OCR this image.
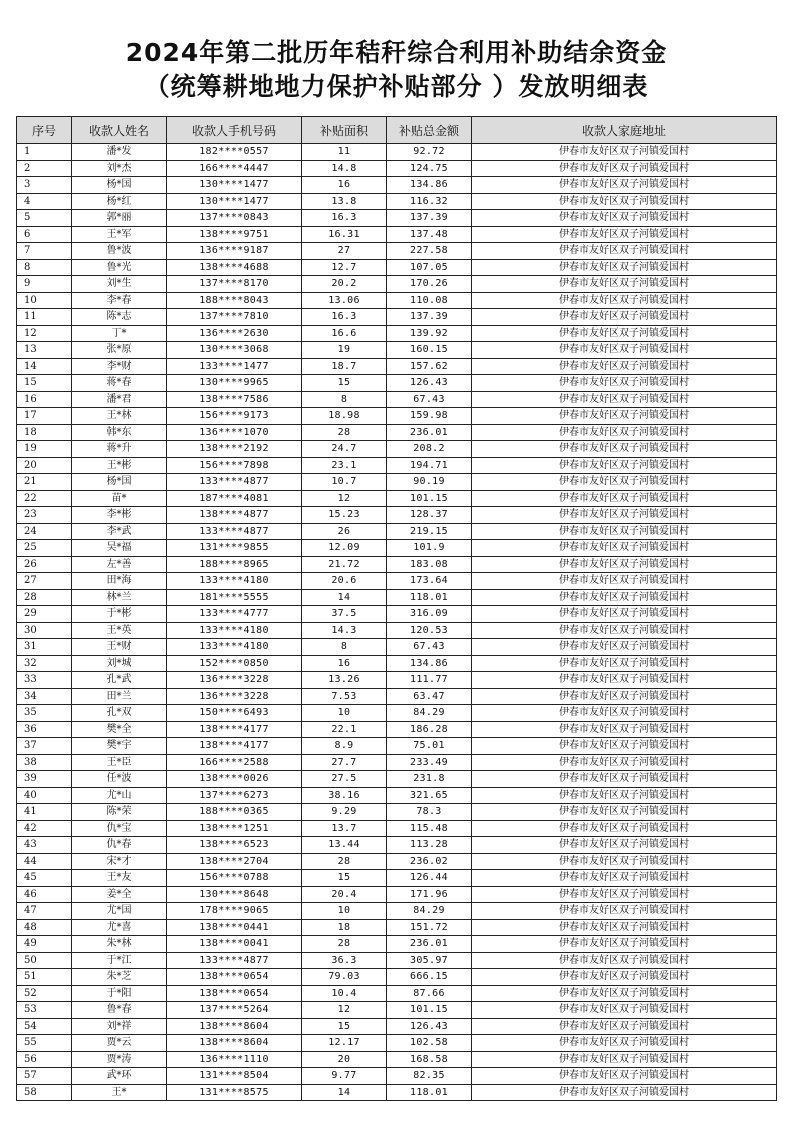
2024年第二批历年秸秆综合利用补助结余资金
（统筹耕地地力保护补贴部分 ）发放明细表
序号	收款人姓名	收款人手机号码	补贴面积	补贴总金额	收款人家庭地址
1	潘*发	182****0557	11	92.72	伊春市友好区双子河镇爱国村
2	刘*杰	166****4447	14.8	124.75	伊春市友好区双子河镇爱国村
3	杨*国	130****1477	16	134.86	伊春市友好区双子河镇爱国村
4	杨*红	130****1477	13.8	116.32	伊春市友好区双子河镇爱国村
5	郭*丽	137****0843	16.3	137.39	伊春市友好区双子河镇爱国村
6	王*军	138****9751	16.31	137.48	伊春市友好区双子河镇爱国村
7	鲁*波	136****9187	27	227.58	伊春市友好区双子河镇爱国村
8	鲁*光	138****4688	12.7	107.05	伊春市友好区双子河镇爱国村
9	刘*生	137****8170	20.2	170.26	伊春市友好区双子河镇爱国村
10	李*春	188****8043	13.06	110.08	伊春市友好区双子河镇爱国村
11	陈*志	137****7810	16.3	137.39	伊春市友好区双子河镇爱国村
12	丁*	136****2630	16.6	139.92	伊春市友好区双子河镇爱国村
13	张*原	130****3068	19	160.15	伊春市友好区双子河镇爱国村
14	李*财	133****1477	18.7	157.62	伊春市友好区双子河镇爱国村
15	蒋*春	130****9965	15	126.43	伊春市友好区双子河镇爱国村
16	潘*君	138****7586	8	67.43	伊春市友好区双子河镇爱国村
17	王*林	156****9173	18.98	159.98	伊春市友好区双子河镇爱国村
18	韩*东	136****1070	28	236.01	伊春市友好区双子河镇爱国村
19	蒋*升	138****2192	24.7	208.2	伊春市友好区双子河镇爱国村
20	王*彬	156****7898	23.1	194.71	伊春市友好区双子河镇爱国村
21	杨*国	133****4877	10.7	90.19	伊春市友好区双子河镇爱国村
22	苗*	187****4081	12	101.15	伊春市友好区双子河镇爱国村
23	李*彬	138****4877	15.23	128.37	伊春市友好区双子河镇爱国村
24	李*武	133****4877	26	219.15	伊春市友好区双子河镇爱国村
25	吴*福	131****9855	12.09	101.9	伊春市友好区双子河镇爱国村
26	左*善	188****8965	21.72	183.08	伊春市友好区双子河镇爱国村
27	田*海	133****4180	20.6	173.64	伊春市友好区双子河镇爱国村
28	林*兰	181****5555	14	118.01	伊春市友好区双子河镇爱国村
29	于*彬	133****4777	37.5	316.09	伊春市友好区双子河镇爱国村
30	王*英	133****4180	14.3	120.53	伊春市友好区双子河镇爱国村
31	王*财	133****4180	8	67.43	伊春市友好区双子河镇爱国村
32	刘*城	152****0850	16	134.86	伊春市友好区双子河镇爱国村
33	孔*武	136****3228	13.26	111.77	伊春市友好区双子河镇爱国村
34	田*兰	136****3228	7.53	63.47	伊春市友好区双子河镇爱国村
35	孔*双	150****6493	10	84.29	伊春市友好区双子河镇爱国村
36	樊*全	138****4177	22.1	186.28	伊春市友好区双子河镇爱国村
37	樊*宇	138****4177	8.9	75.01	伊春市友好区双子河镇爱国村
38	王*臣	166****2588	27.7	233.49	伊春市友好区双子河镇爱国村
39	任*波	138****0026	27.5	231.8	伊春市友好区双子河镇爱国村
40	尤*山	137****6273	38.16	321.65	伊春市友好区双子河镇爱国村
41	陈*荣	188****0365	9.29	78.3	伊春市友好区双子河镇爱国村
42	仇*宝	138****1251	13.7	115.48	伊春市友好区双子河镇爱国村
43	仇*春	138****6523	13.44	113.28	伊春市友好区双子河镇爱国村
44	宋*才	138****2704	28	236.02	伊春市友好区双子河镇爱国村
45	王*友	156****0788	15	126.44	伊春市友好区双子河镇爱国村
46	姜*全	130****8648	20.4	171.96	伊春市友好区双子河镇爱国村
47	尤*国	178****9065	10	84.29	伊春市友好区双子河镇爱国村
48	尤*喜	138****0441	18	151.72	伊春市友好区双子河镇爱国村
49	朱*林	138****0041	28	236.01	伊春市友好区双子河镇爱国村
50	于*江	133****4877	36.3	305.97	伊春市友好区双子河镇爱国村
51	朱*芝	138****0654	79.03	666.15	伊春市友好区双子河镇爱国村
52	于*阳	138****0654	10.4	87.66	伊春市友好区双子河镇爱国村
53	鲁*春	137****5264	12	101.15	伊春市友好区双子河镇爱国村
54	刘*祥	138****8604	15	126.43	伊春市友好区双子河镇爱国村
55	贾*云	138****8604	12.17	102.58	伊春市友好区双子河镇爱国村
56	贾*涛	136****1110	20	168.58	伊春市友好区双子河镇爱国村
57	武*环	131****8504	9.77	82.35	伊春市友好区双子河镇爱国村
58	王*	131****8575	14	118.01	伊春市友好区双子河镇爱国村
